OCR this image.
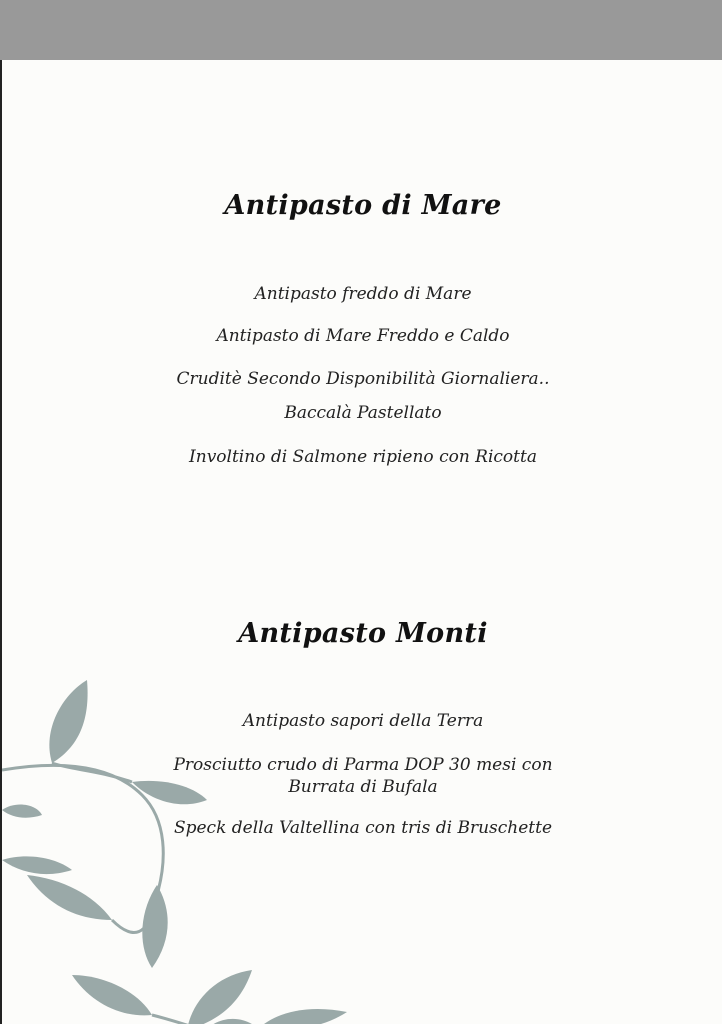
Antipasto di Mare

Antipasto freddo di Mare

Antipasto di Mare Freddo e Caldo

Cruditè Secondo Disponibilità Giornaliera..

Baccalà Pastellato

Involtino di Salmone ripieno con Ricotta

Antipasto Monti

Antipasto sapori della Terra

Prosciutto crudo di Parma DOP 30 mesi con
Burrata di Bufala

Speck della Valtellina con tris di Bruschette
